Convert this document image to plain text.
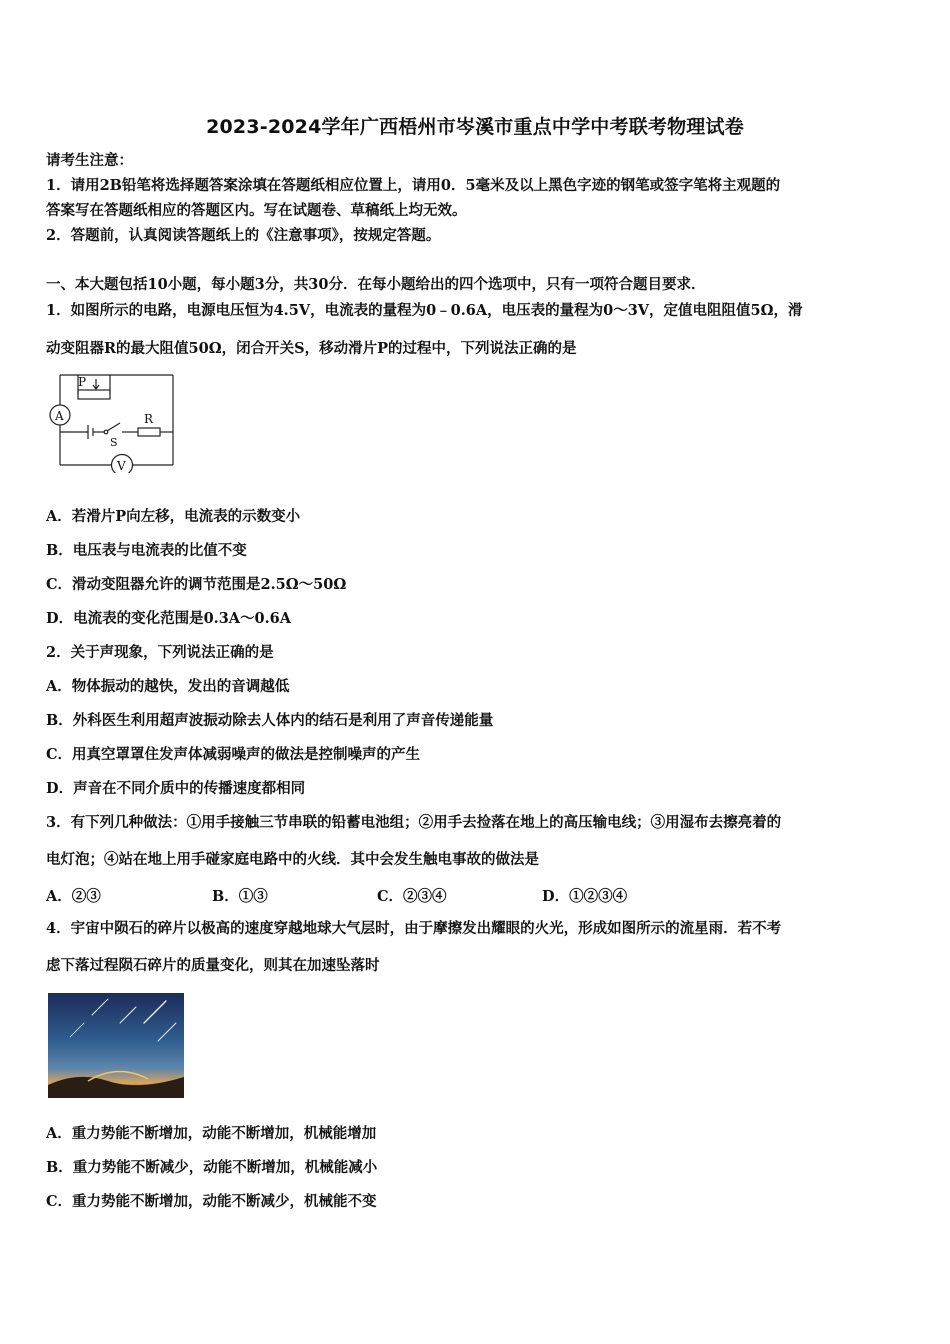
2023-2024学年广西梧州市岑溪市重点中学中考联考物理试卷
请考生注意：
1．请用2B铅笔将选择题答案涂填在答题纸相应位置上，请用0．5毫米及以上黑色字迹的钢笔或签字笔将主观题的
答案写在答题纸相应的答题区内。写在试题卷、草稿纸上均无效。
2．答题前，认真阅读答题纸上的《注意事项》，按规定答题。
一、本大题包括10小题，每小题3分，共30分．在每小题给出的四个选项中，只有一项符合题目要求．
1．如图所示的电路，电源电压恒为4.5V，电流表的量程为0﹣0.6A，电压表的量程为0～3V，定值电阻阻值5Ω，滑
动变阻器R的最大阻值50Ω，闭合开关S，移动滑片P的过程中，下列说法正确的是
P
A
S
R
V
A．若滑片P向左移，电流表的示数变小
B．电压表与电流表的比值不变
C．滑动变阻器允许的调节范围是2.5Ω～50Ω
D．电流表的变化范围是0.3A～0.6A
2．关于声现象，下列说法正确的是
A．物体振动的越快，发出的音调越低
B．外科医生利用超声波振动除去人体内的结石是利用了声音传递能量
C．用真空罩罩住发声体减弱噪声的做法是控制噪声的产生
D．声音在不同介质中的传播速度都相同
3．有下列几种做法：①用手接触三节串联的铅蓄电池组；②用手去捡落在地上的高压输电线；③用湿布去擦亮着的
电灯泡；④站在地上用手碰家庭电路中的火线．其中会发生触电事故的做法是
A．②③	B．①③	C．②③④	D．①②③④
4．宇宙中陨石的碎片以极高的速度穿越地球大气层时，由于摩擦发出耀眼的火光，形成如图所示的流星雨．若不考
虑下落过程陨石碎片的质量变化，则其在加速坠落时
A．重力势能不断增加，动能不断增加，机械能增加
B．重力势能不断减少，动能不断增加，机械能减小
C．重力势能不断增加，动能不断减少，机械能不变
